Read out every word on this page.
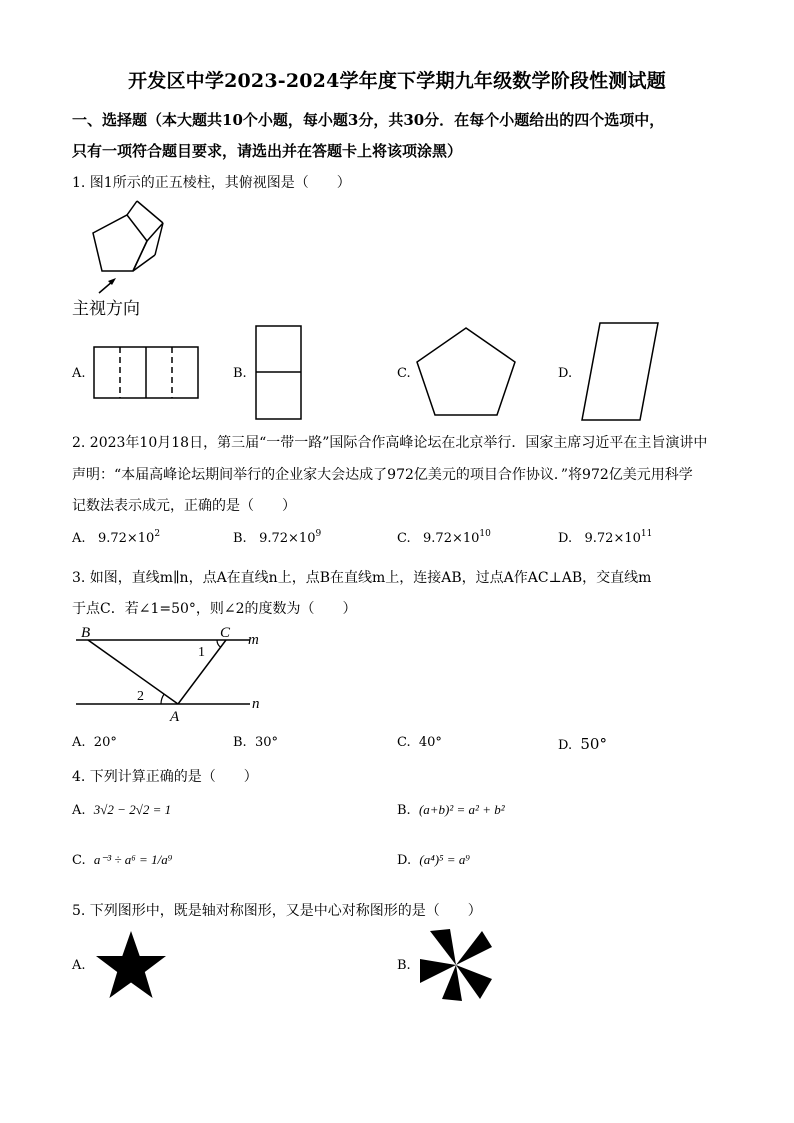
开发区中学2023-2024学年度下学期九年级数学阶段性测试题
一、选择题（本大题共10个小题，每小题3分，共30分．在每个小题给出的四个选项中，
只有一项符合题目要求，请选出并在答题卡上将该项涂黑）
1. 图1所示的正五棱柱，其俯视图是（　　）
主视方向
A.	B.	C.	D.
2. 2023年10月18日，第三届“一带一路”国际合作高峰论坛在北京举行．国家主席习近平在主旨演讲中
声明：“本届高峰论坛期间举行的企业家大会达成了972亿美元的项目合作协议．”将972亿美元用科学
记数法表示成元，正确的是（　　）
A. $9.72\times 10^2$	B. $9.72\times 10^9$	C. $9.72\times 10^{10}$	D. $9.72\times 10^{11}$
3. 如图，直线m∥n，点A在直线n上，点B在直线m上，连接AB，过点A作AC⊥AB，交直线m
于点C．若∠1=50°，则∠2的度数为（　　）
B	C m
n
A
1
2
A. 20°	B. 30°	C. 40°	D. 50°
4. 下列计算正确的是（　　）
A. 3√2 − 2√2 = 1	B. (a+b)² = a² + b²
C. a⁻³ ÷ a⁶ = 1/a⁹	D. (a⁴)⁵ = a⁹
5. 下列图形中，既是轴对称图形，又是中心对称图形的是（　　）
A.	B.
